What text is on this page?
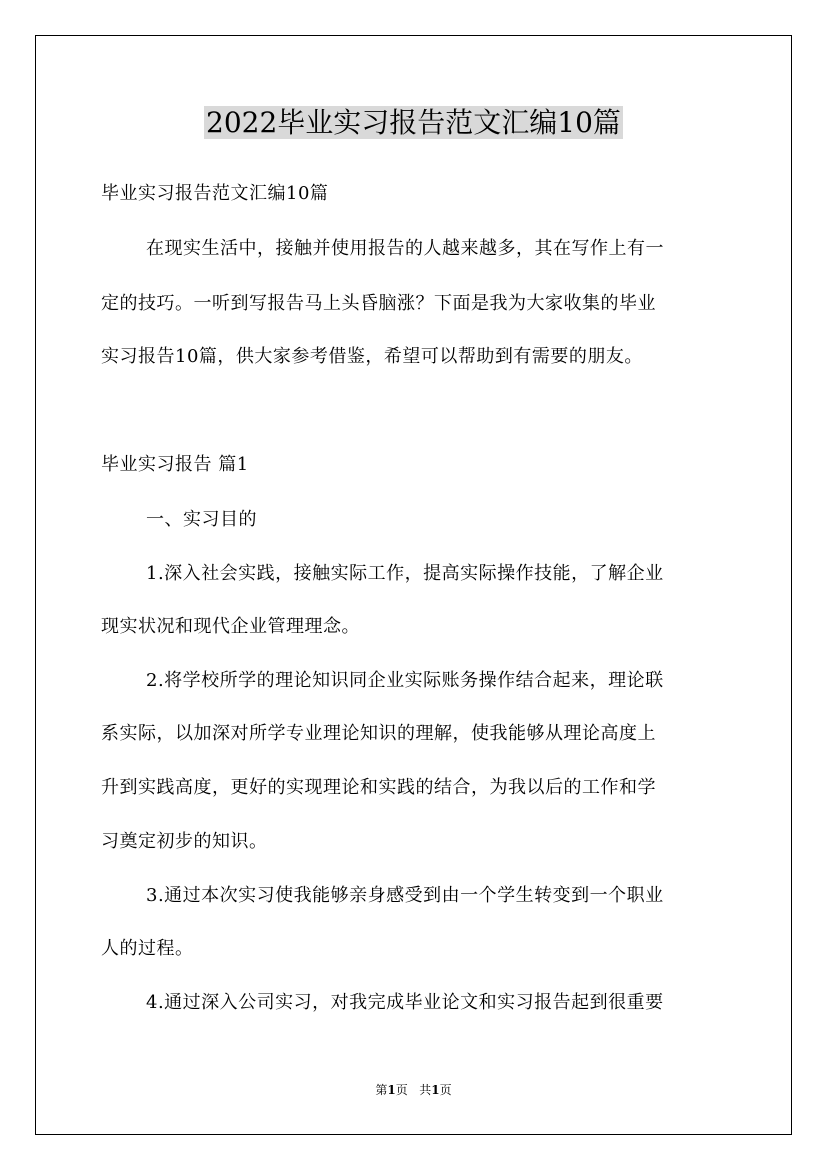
2022毕业实习报告范文汇编10篇
毕业实习报告范文汇编10篇
在现实生活中，接触并使用报告的人越来越多，其在写作上有一
定的技巧。一听到写报告马上头昏脑涨？下面是我为大家收集的毕业
实习报告10篇，供大家参考借鉴，希望可以帮助到有需要的朋友。
毕业实习报告 篇1
一、实习目的
1.深入社会实践，接触实际工作，提高实际操作技能，了解企业
现实状况和现代企业管理理念。
2.将学校所学的理论知识同企业实际账务操作结合起来，理论联
系实际，以加深对所学专业理论知识的理解，使我能够从理论高度上
升到实践高度，更好的实现理论和实践的结合，为我以后的工作和学
习奠定初步的知识。
3.通过本次实习使我能够亲身感受到由一个学生转变到一个职业
人的过程。
4.通过深入公司实习，对我完成毕业论文和实习报告起到很重要
第1页 共1页
